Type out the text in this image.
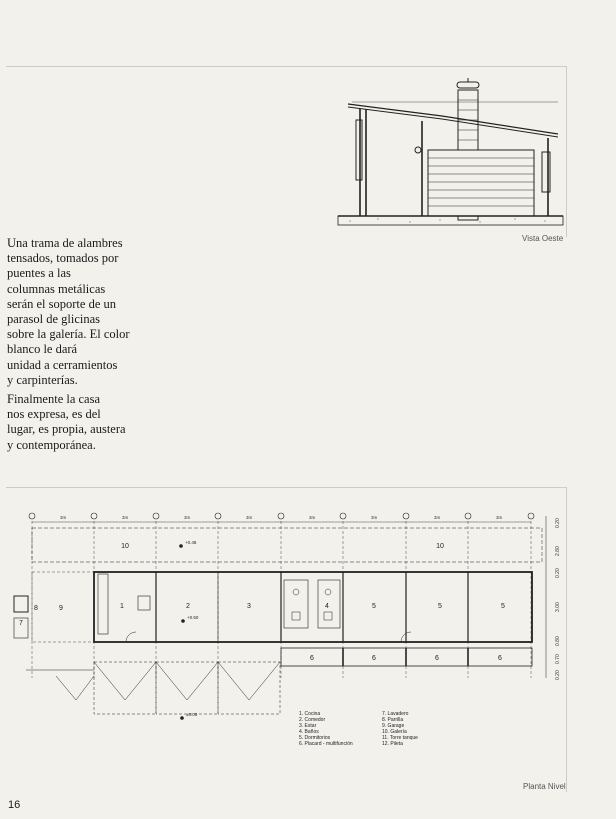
Vista Oeste
Una trama de alambres
tensados, tomados por
puentes a las
columnas metálicas
serán el soporte de un
parasol de glicinas
sobre la galería. El color
blanco le dará
unidad a cerramientos
y carpinterías.
Finalmente la casa
nos expresa, es del
lugar, es propia, austera
y contemporánea.
3m	3m	3m	3m	3m	3m	3m	3m
0.20
2.80
0.20
3.00
0.80
0.70
0.20
+0.48
+0.50
±0.00
10	10
9
8
7
1	2	3	4	5	5	5
6	6	6	6
1. Cocina
2. Comedor
3. Estar
4. Baños
5. Dormitorios
6. Placard - multifunción
7. Lavadero
8. Parrilla
9. Garage
10. Galería
11. Torre tanque
12. Pileta
Planta Nivel
16
